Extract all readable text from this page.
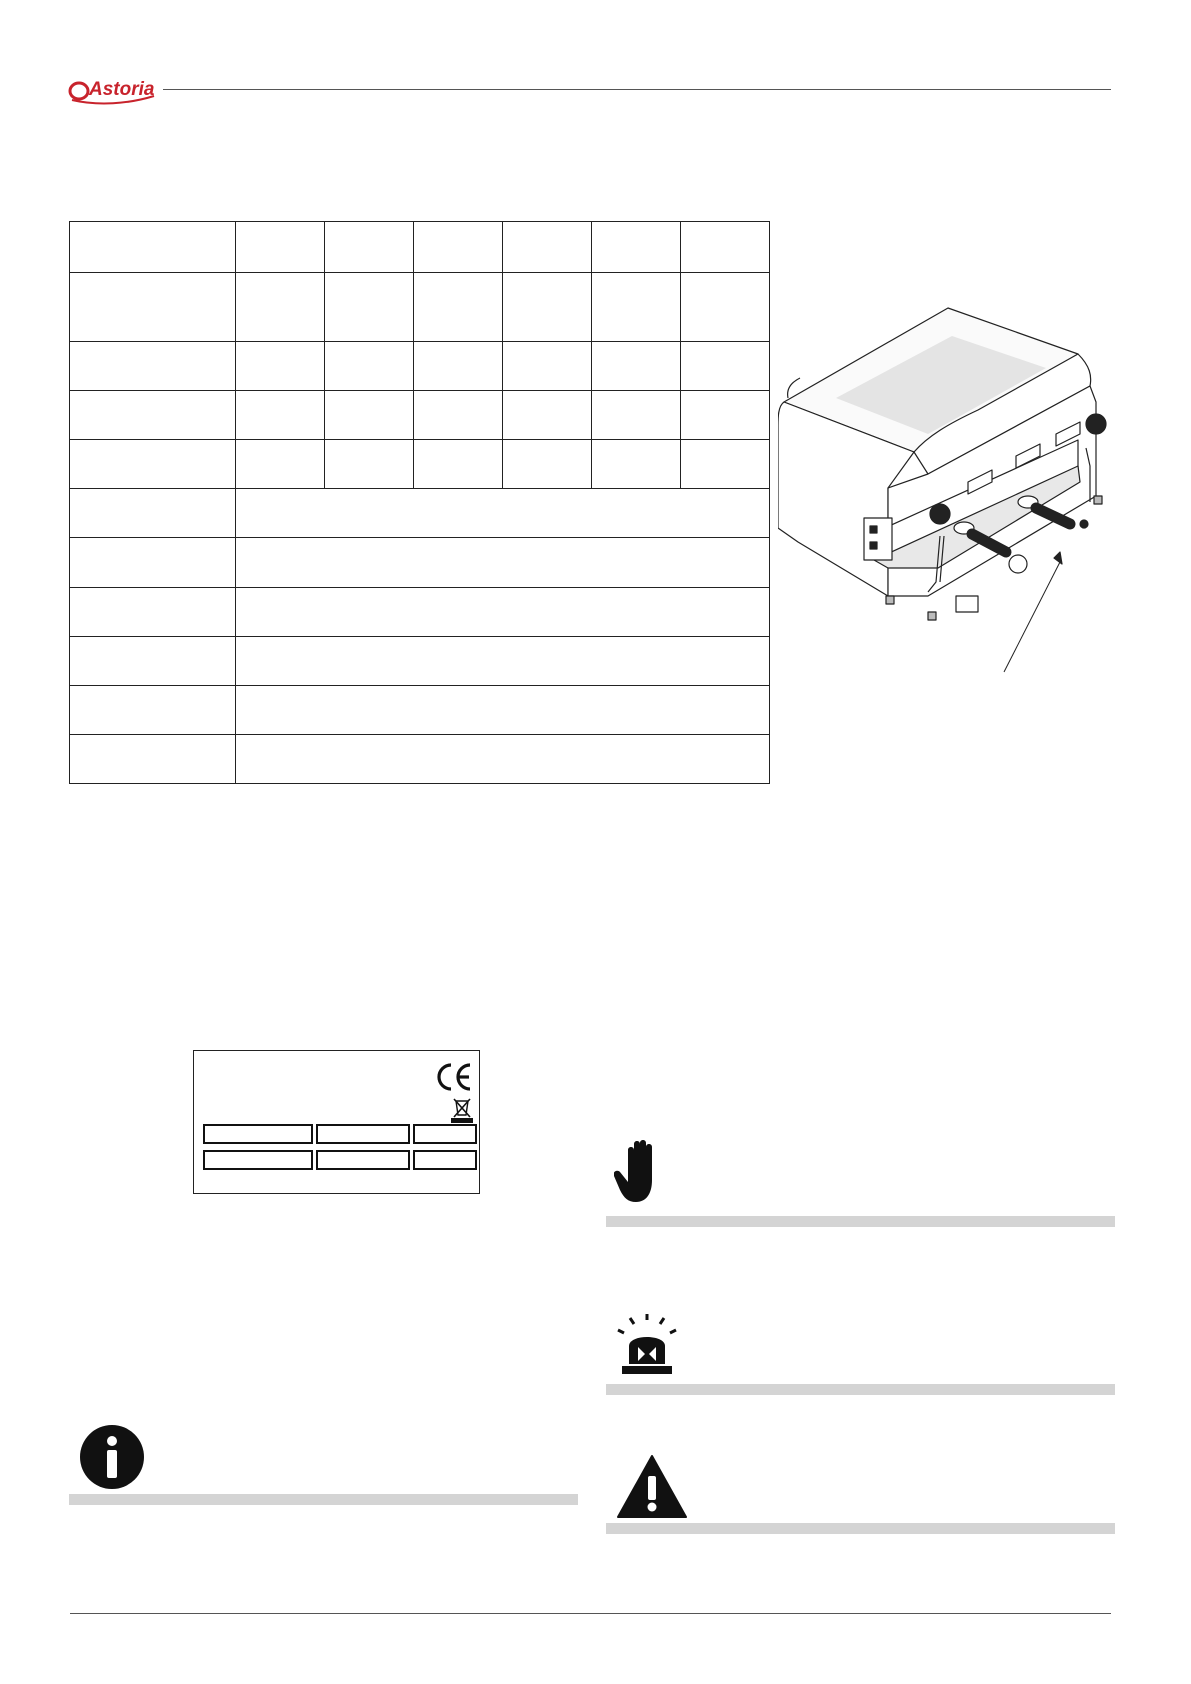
Astoria
